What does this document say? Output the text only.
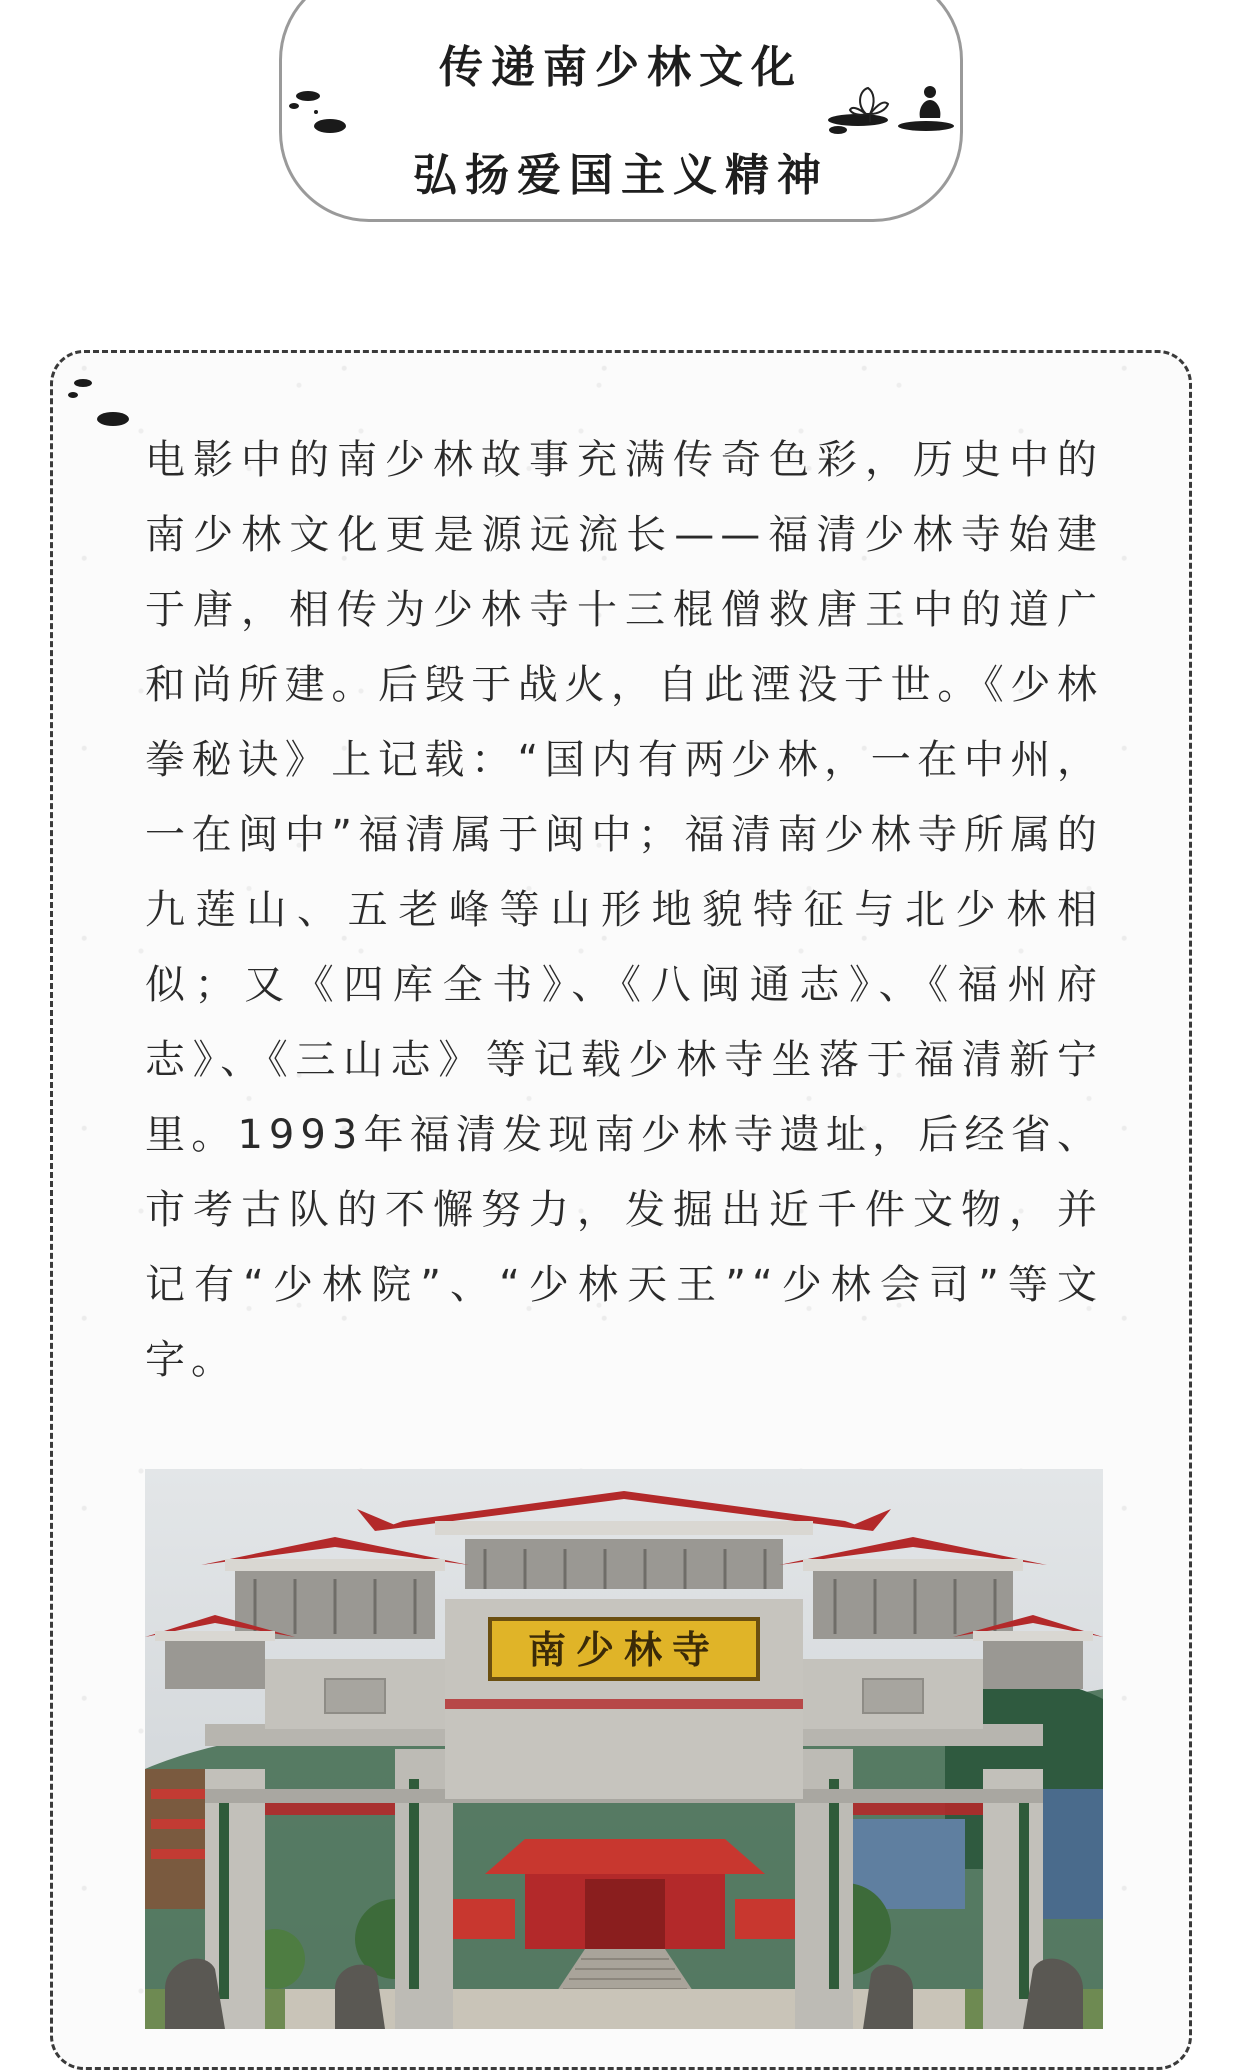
传递南少林文化
弘扬爱国主义精神

电影中的南少林故事充满传奇色彩，历史中的南少林文化更是源远流长——福清少林寺始建于唐，相传为少林寺十三棍僧救唐王中的道广和尚所建。后毁于战火，自此湮没于世。《少林拳秘诀》上记载：“国内有两少林，一在中州，一在闽中”福清属于闽中；福清南少林寺所属的九莲山、五老峰等山形地貌特征与北少林相似；又《四库全书》、《八闽通志》、《福州府志》、《三山志》等记载少林寺坐落于福清新宁里。1993年福清发现南少林寺遗址，后经省、市考古队的不懈努力，发掘出近千件文物，并记有“少林院”、“少林天王”“少林会司”等文字。

南少林寺
